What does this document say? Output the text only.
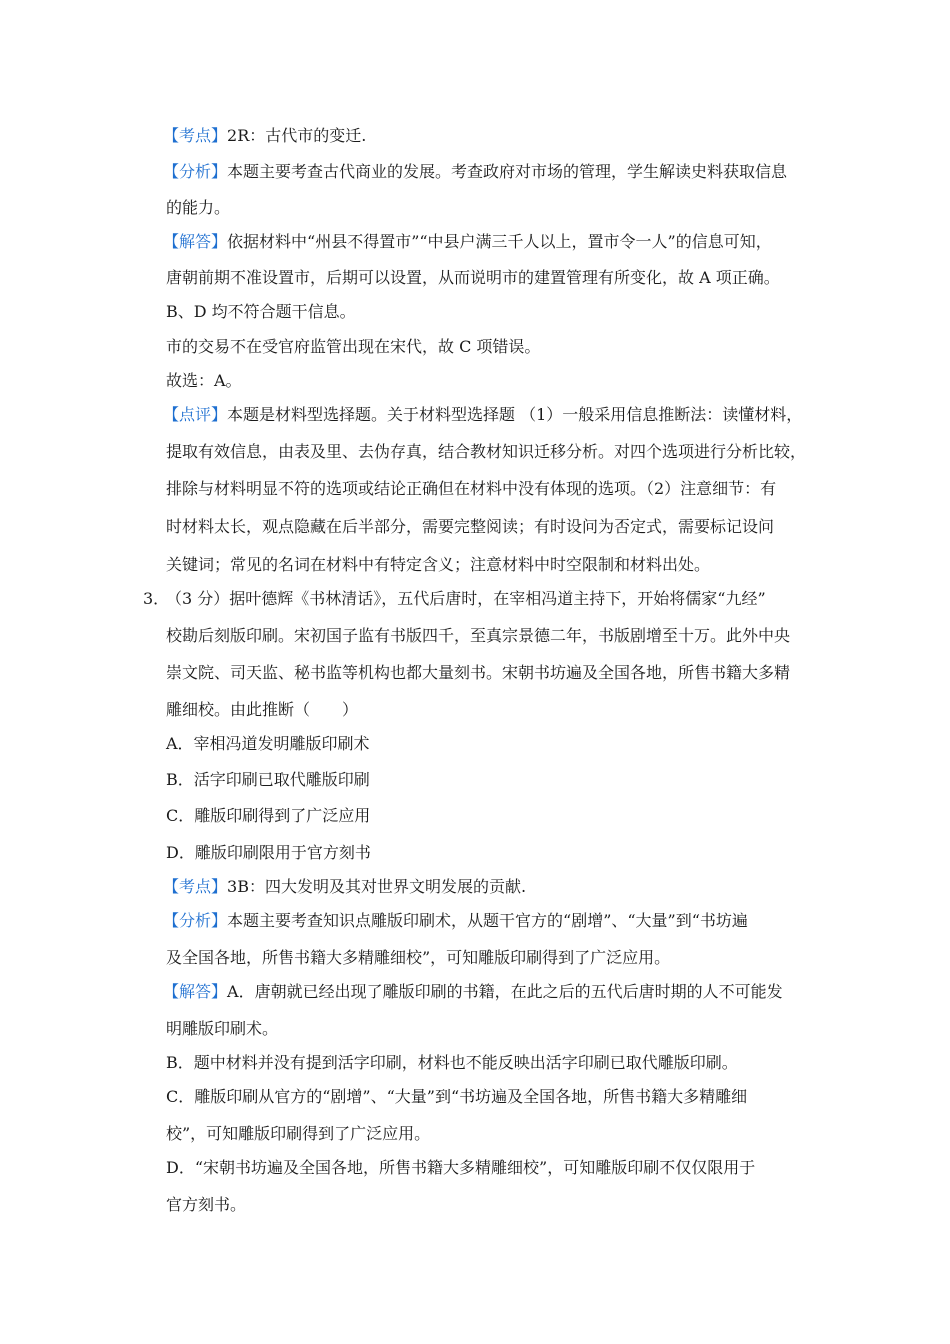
【考点】2R：古代市的变迁.
【分析】本题主要考查古代商业的发展。考查政府对市场的管理，学生解读史料获取信息
的能力。
【解答】依据材料中“州县不得置市”“中县户满三千人以上，置市令一人”的信息可知，
唐朝前期不准设置市，后期可以设置，从而说明市的建置管理有所变化，故 A 项正确。
B、D 均不符合题干信息。
市的交易不在受官府监管出现在宋代，故 C 项错误。
故选：A。
【点评】本题是材料型选择题。关于材料型选择题 （1）一般采用信息推断法：读懂材料，
提取有效信息，由表及里、去伪存真，结合教材知识迁移分析。对四个选项进行分析比较，
排除与材料明显不符的选项或结论正确但在材料中没有体现的选项。（2）注意细节：有
时材料太长，观点隐藏在后半部分，需要完整阅读；有时设问为否定式，需要标记设问
关键词；常见的名词在材料中有特定含义；注意材料中时空限制和材料出处。
3．
（3 分）据叶德辉《书林清话》，五代后唐时，在宰相冯道主持下，开始将儒家“九经”
校勘后刻版印刷。宋初国子监有书版四千，至真宗景德二年，书版剧增至十万。此外中央
崇文院、司天监、秘书监等机构也都大量刻书。宋朝书坊遍及全国各地，所售书籍大多精
雕细校。由此推断（　　）
A．宰相冯道发明雕版印刷术
B．活字印刷已取代雕版印刷
C．雕版印刷得到了广泛应用
D．雕版印刷限用于官方刻书
【考点】3B：四大发明及其对世界文明发展的贡献.
【分析】本题主要考查知识点雕版印刷术，从题干官方的“剧增”、“大量”到“书坊遍
及全国各地，所售书籍大多精雕细校”，可知雕版印刷得到了广泛应用。
【解答】A．唐朝就已经出现了雕版印刷的书籍，在此之后的五代后唐时期的人不可能发
明雕版印刷术。
B．题中材料并没有提到活字印刷，材料也不能反映出活字印刷已取代雕版印刷。
C．雕版印刷从官方的“剧增”、“大量”到“书坊遍及全国各地，所售书籍大多精雕细
校”，可知雕版印刷得到了广泛应用。
D．“宋朝书坊遍及全国各地，所售书籍大多精雕细校”，可知雕版印刷不仅仅限用于
官方刻书。
